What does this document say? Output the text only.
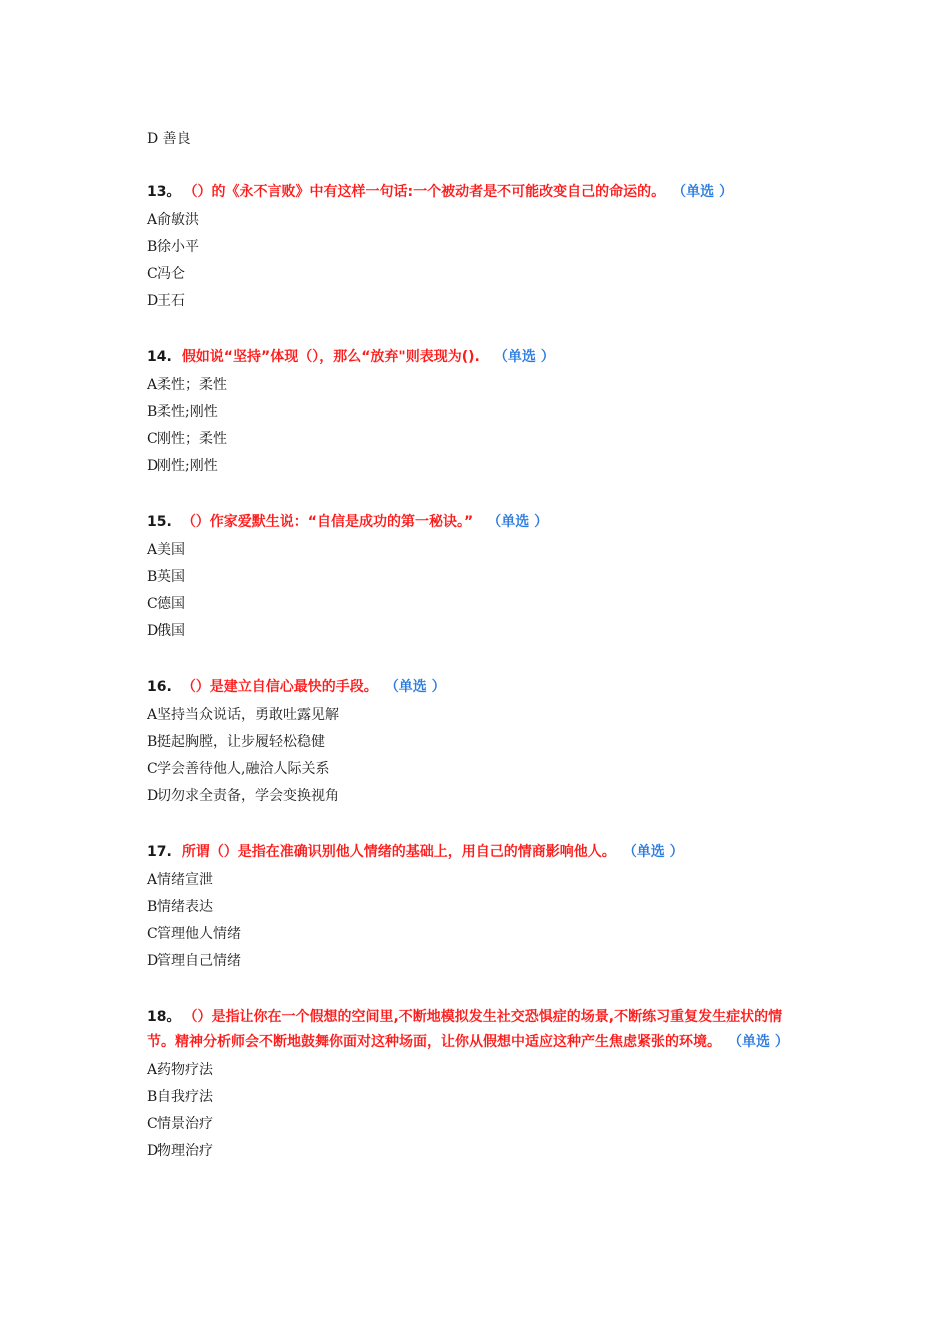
D 善良
13。 （）的《永不言败》中有这样一句话:一个被动者是不可能改变自己的命运的。 （单选 ）
A俞敏洪
B徐小平
C冯仑
D王石
14. 假如说“坚持”体现（），那么“放弃"则表现为(). （单选 ）
A柔性；柔性
B柔性;刚性
C刚性；柔性
D刚性;刚性
15. （）作家爱默生说：“自信是成功的第一秘诀。” （单选 ）
A美国
B英国
C德国
D俄国
16. （）是建立自信心最快的手段。 （单选 ）
A坚持当众说话，勇敢吐露见解
B挺起胸膛，让步履轻松稳健
C学会善待他人,融洽人际关系
D切勿求全责备，学会变换视角
17. 所谓（）是指在准确识别他人情绪的基础上，用自己的情商影响他人。 （单选 ）
A情绪宣泄
B情绪表达
C管理他人情绪
D管理自己情绪
18。 （）是指让你在一个假想的空间里,不断地模拟发生社交恐惧症的场景,不断练习重复发生症状的情节。精神分析师会不断地鼓舞你面对这种场面，让你从假想中适应这种产生焦虑紧张的环境。 （单选 ）
A药物疗法
B自我疗法
C情景治疗
D物理治疗
